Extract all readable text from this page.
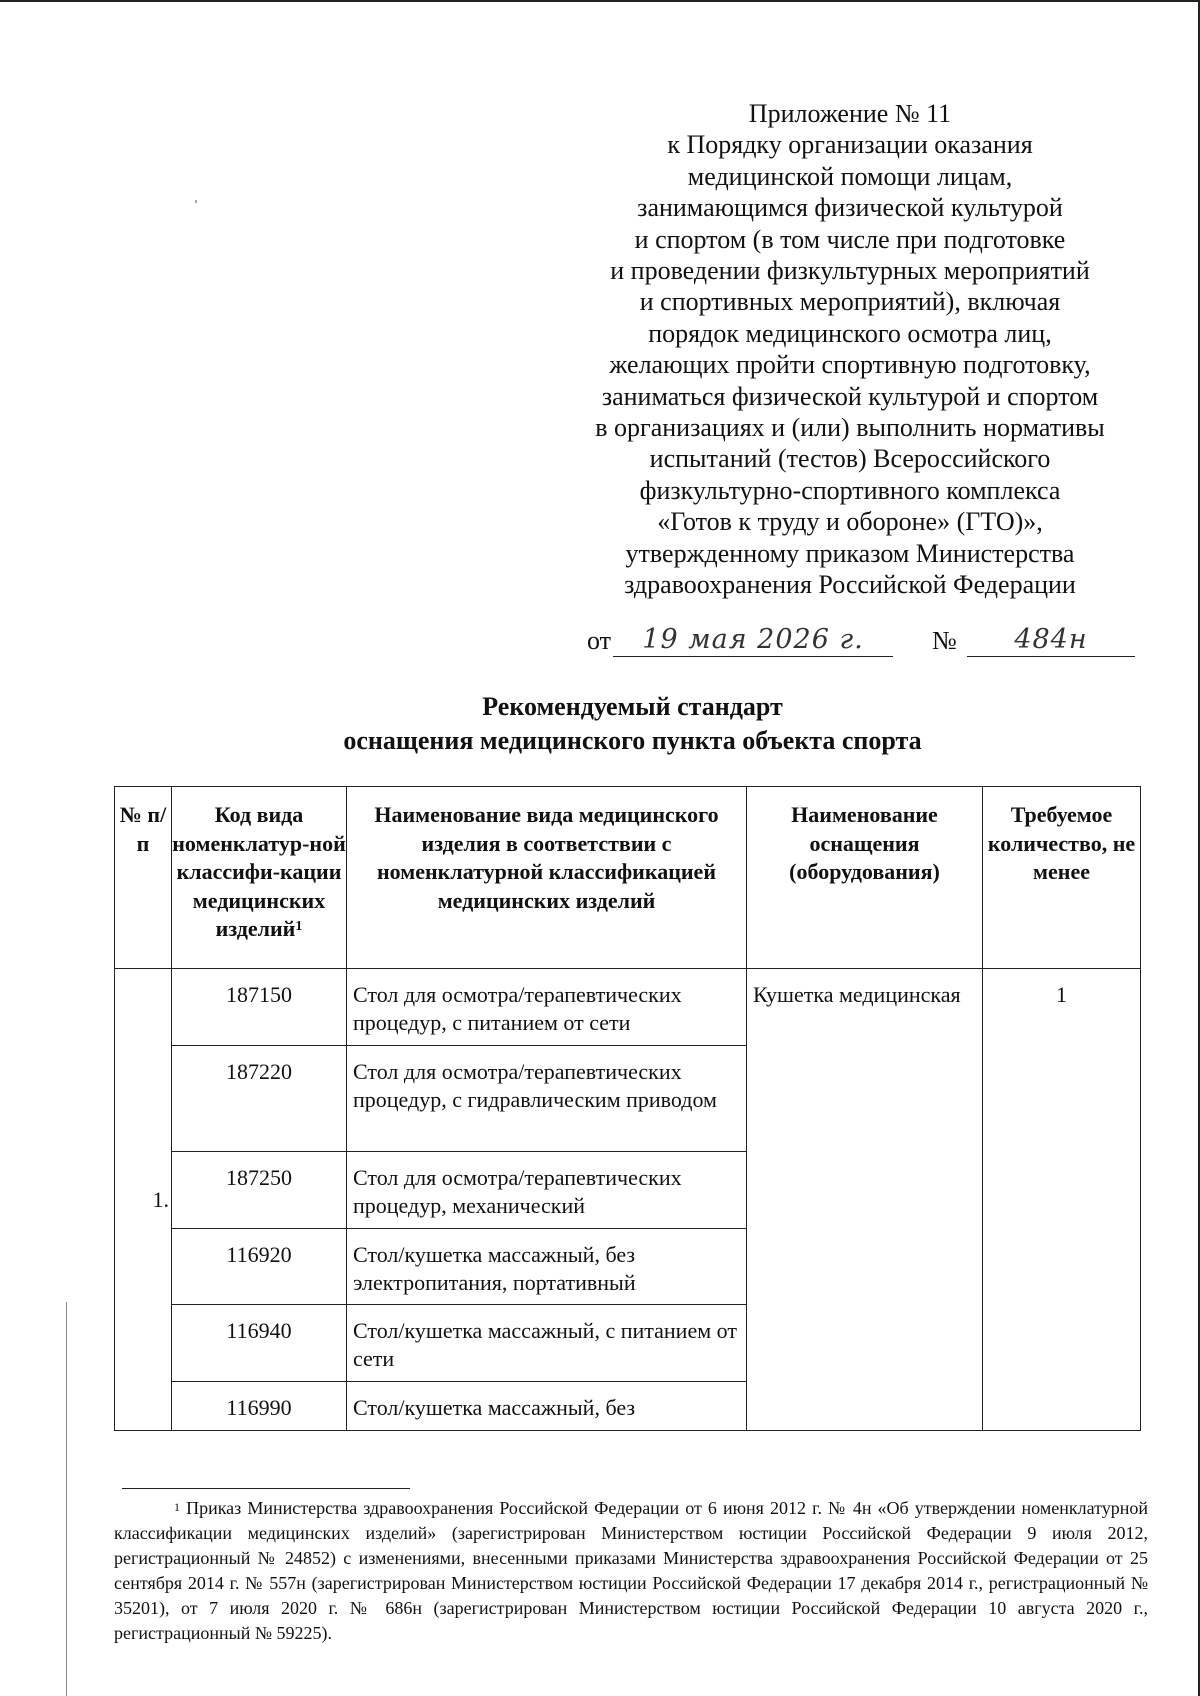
Приложение № 11
к Порядку организации оказания
медицинской помощи лицам,
занимающимся физической культурой
и спортом (в том числе при подготовке
и проведении физкультурных мероприятий
и спортивных мероприятий), включая
порядок медицинского осмотра лиц,
желающих пройти спортивную подготовку,
заниматься физической культурой и спортом
в организациях и (или) выполнить нормативы
испытаний (тестов) Всероссийского
физкультурно-спортивного комплекса
«Готов к труду и обороне» (ГТО)»,
утвержденному приказом Министерства
здравоохранения Российской Федерации
от	19 мая 2026 г.	№	484н
Рекомендуемый стандарт
оснащения медицинского пункта объекта спорта
№ п/п	Код вида номенклатур-ной классифи-кации медицинских изделий$^1$	Наименование вида медицинского изделия в соответствии с номенклатурной классификацией медицинских изделий	Наименование оснащения (оборудования)	Требуемое количество, не менее
1.	187150	Стол для осмотра/терапевтических процедур, с питанием от сети	Кушетка медицинская	1
	187220	Стол для осмотра/терапевтических процедур, с гидравлическим приводом		
	187250	Стол для осмотра/терапевтических процедур, механический		
	116920	Стол/кушетка массажный, без электропитания, портативный		
	116940	Стол/кушетка массажный, с питанием от сети		
	116990	Стол/кушетка массажный, без		
$^1$ Приказ Министерства здравоохранения Российской Федерации от 6 июня 2012 г. № 4н «Об утверждении номенклатурной классификации медицинских изделий» (зарегистрирован Министерством юстиции Российской Федерации 9 июля 2012, регистрационный № 24852) с изменениями, внесенными приказами Министерства здравоохранения Российской Федерации от 25 сентября 2014 г. № 557н (зарегистрирован Министерством юстиции Российской Федерации 17 декабря 2014 г., регистрационный № 35201), от 7 июля 2020 г. № 686н (зарегистрирован Министерством юстиции Российской Федерации 10 августа 2020 г., регистрационный № 59225).
